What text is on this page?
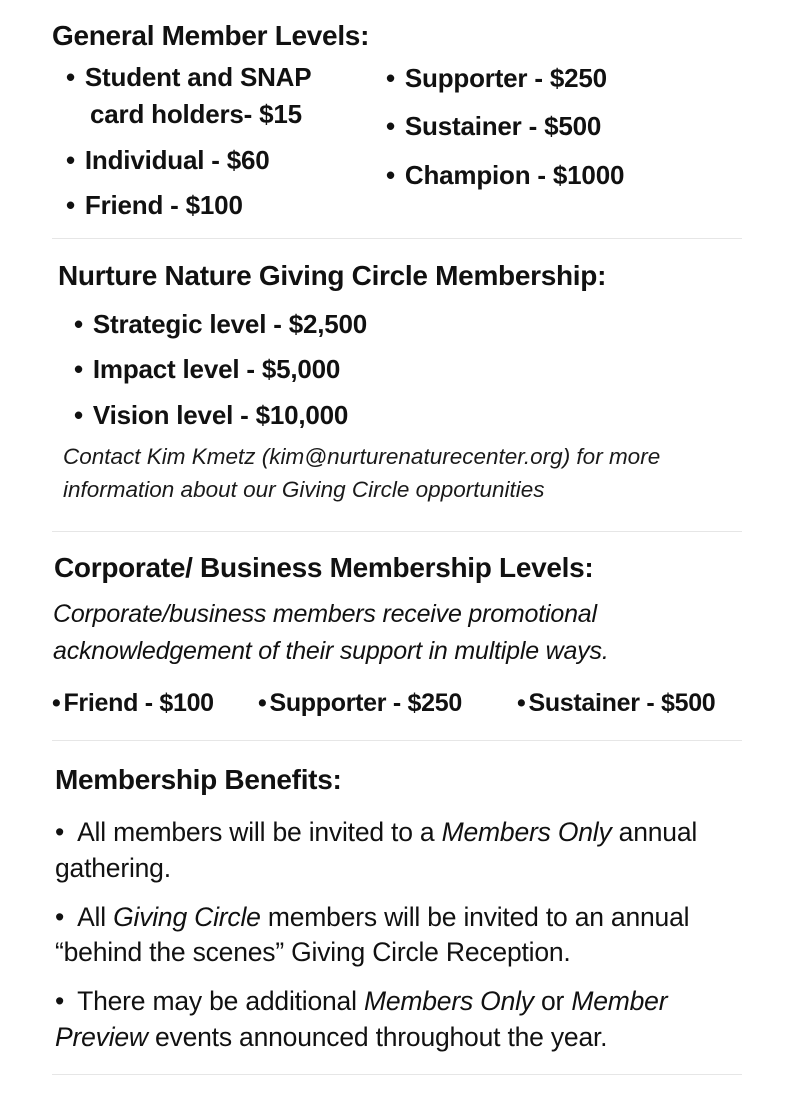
General Member Levels:
• Student and SNAP
card holders- $15
• Individual - $60
• Friend - $100
• Supporter - $250
• Sustainer - $500
• Champion - $1000
Nurture Nature Giving Circle Membership:
• Strategic level - $2,500
• Impact level - $5,000
• Vision level - $10,000
Contact Kim Kmetz (kim@nurturenaturecenter.org) for more
information about our Giving Circle opportunities
Corporate/ Business Membership Levels:
Corporate/business members receive promotional
acknowledgement of their support in multiple ways.
• Friend - $100 • Supporter - $250 • Sustainer - $500
Membership Benefits:
• All members will be invited to a Members Only annual
gathering.
• All Giving Circle members will be invited to an annual
“behind the scenes” Giving Circle Reception.
• There may be additional Members Only or Member
Preview events announced throughout the year.
